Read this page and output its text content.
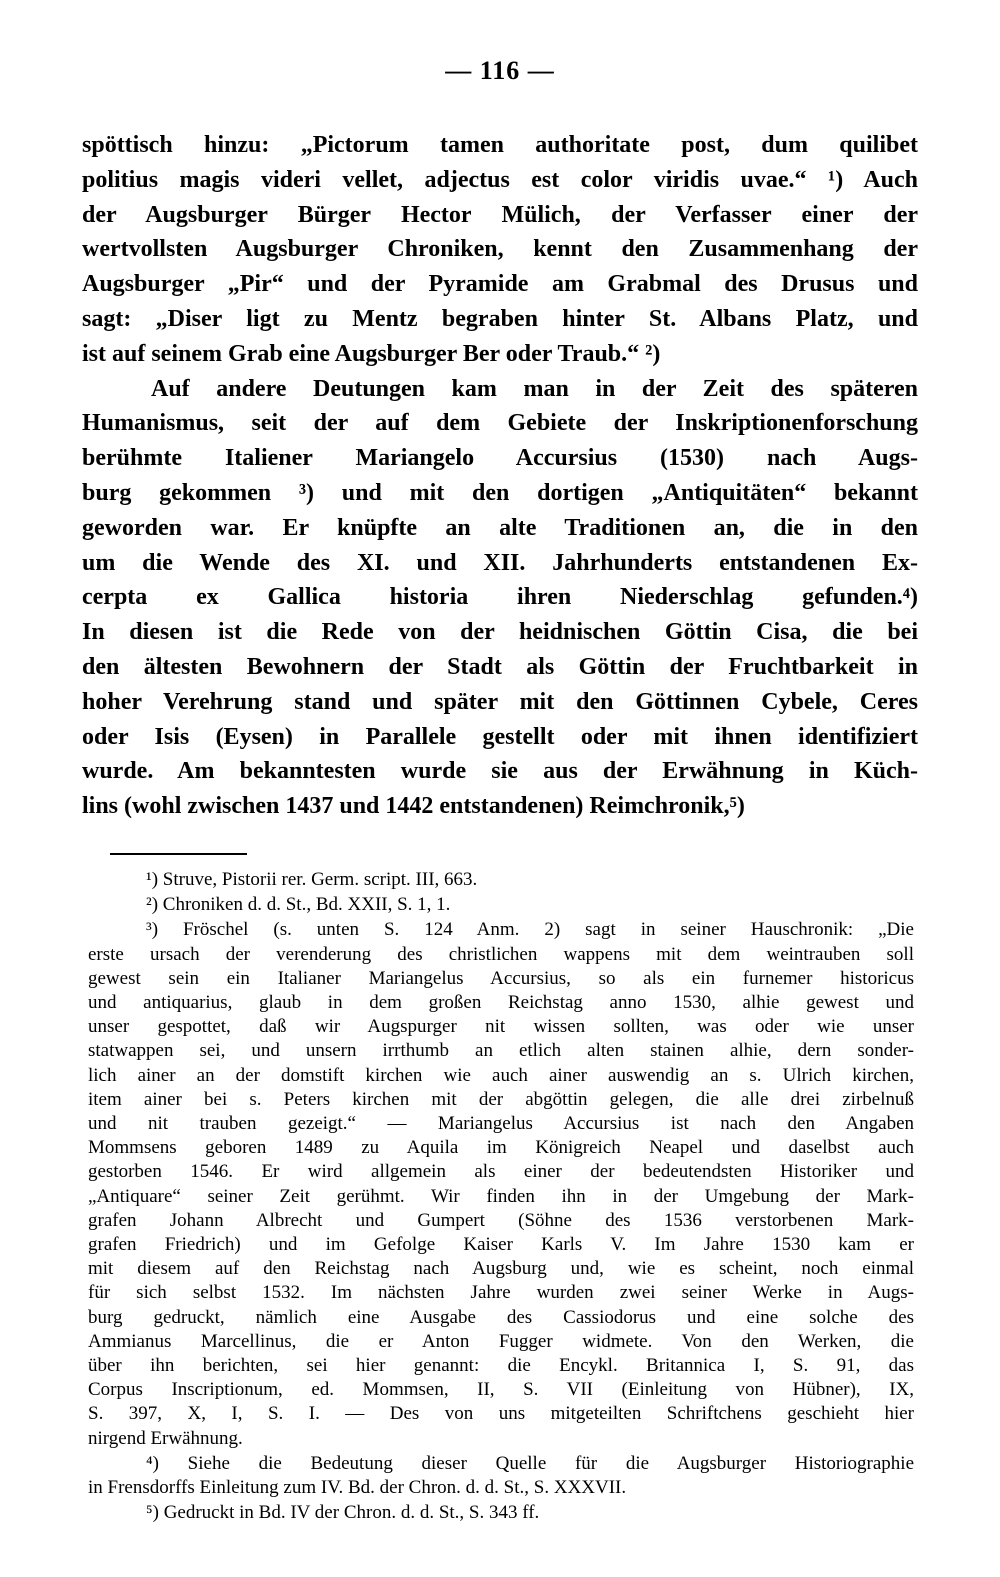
— 116 —
spöttisch hinzu: „Pictorum tamen authoritate post, dum quilibet
politius magis videri vellet, adjectus est color viridis uvae.“ ¹) Auch
der Augsburger Bürger Hector Mülich, der Verfasser einer der
wertvollsten Augsburger Chroniken, kennt den Zusammenhang der
Augsburger „Pir“ und der Pyramide am Grabmal des Drusus und
sagt: „Diser ligt zu Mentz begraben hinter St. Albans Platz, und
ist auf seinem Grab eine Augsburger Ber oder Traub.“ ²)
Auf andere Deutungen kam man in der Zeit des späteren
Humanismus, seit der auf dem Gebiete der Inskriptionenforschung
berühmte Italiener Mariangelo Accursius (1530) nach Augs-
burg gekommen ³) und mit den dortigen „Antiquitäten“ bekannt
geworden war. Er knüpfte an alte Traditionen an, die in den
um die Wende des XI. und XII. Jahrhunderts entstandenen Ex-
cerpta ex Gallica historia ihren Niederschlag gefunden.⁴)
In diesen ist die Rede von der heidnischen Göttin Cisa, die bei
den ältesten Bewohnern der Stadt als Göttin der Fruchtbarkeit in
hoher Verehrung stand und später mit den Göttinnen Cybele, Ceres
oder Isis (Eysen) in Parallele gestellt oder mit ihnen identifiziert
wurde. Am bekanntesten wurde sie aus der Erwähnung in Küch-
lins (wohl zwischen 1437 und 1442 entstandenen) Reimchronik,⁵)
¹) Struve, Pistorii rer. Germ. script. III, 663.
²) Chroniken d. d. St., Bd. XXII, S. 1, 1.
³) Fröschel (s. unten S. 124 Anm. 2) sagt in seiner Hauschronik: „Die
erste ursach der verenderung des christlichen wappens mit dem weintrauben soll
gewest sein ein Italianer Mariangelus Accursius, so als ein furnemer historicus
und antiquarius, glaub in dem großen Reichstag anno 1530, alhie gewest und
unser gespottet, daß wir Augspurger nit wissen sollten, was oder wie unser
statwappen sei, und unsern irrthumb an etlich alten stainen alhie, dern sonder-
lich ainer an der domstift kirchen wie auch ainer auswendig an s. Ulrich kirchen,
item ainer bei s. Peters kirchen mit der abgöttin gelegen, die alle drei zirbelnuß
und nit trauben gezeigt.“ — Mariangelus Accursius ist nach den Angaben
Mommsens geboren 1489 zu Aquila im Königreich Neapel und daselbst auch
gestorben 1546. Er wird allgemein als einer der bedeutendsten Historiker und
„Antiquare“ seiner Zeit gerühmt. Wir finden ihn in der Umgebung der Mark-
grafen Johann Albrecht und Gumpert (Söhne des 1536 verstorbenen Mark-
grafen Friedrich) und im Gefolge Kaiser Karls V. Im Jahre 1530 kam er
mit diesem auf den Reichstag nach Augsburg und, wie es scheint, noch einmal
für sich selbst 1532. Im nächsten Jahre wurden zwei seiner Werke in Augs-
burg gedruckt, nämlich eine Ausgabe des Cassiodorus und eine solche des
Ammianus Marcellinus, die er Anton Fugger widmete. Von den Werken, die
über ihn berichten, sei hier genannt: die Encykl. Britannica I, S. 91, das
Corpus Inscriptionum, ed. Mommsen, II, S. VII (Einleitung von Hübner), IX,
S. 397, X, I, S. I. — Des von uns mitgeteilten Schriftchens geschieht hier
nirgend Erwähnung.
⁴) Siehe die Bedeutung dieser Quelle für die Augsburger Historiographie
in Frensdorffs Einleitung zum IV. Bd. der Chron. d. d. St., S. XXXVII.
⁵) Gedruckt in Bd. IV der Chron. d. d. St., S. 343 ff.
